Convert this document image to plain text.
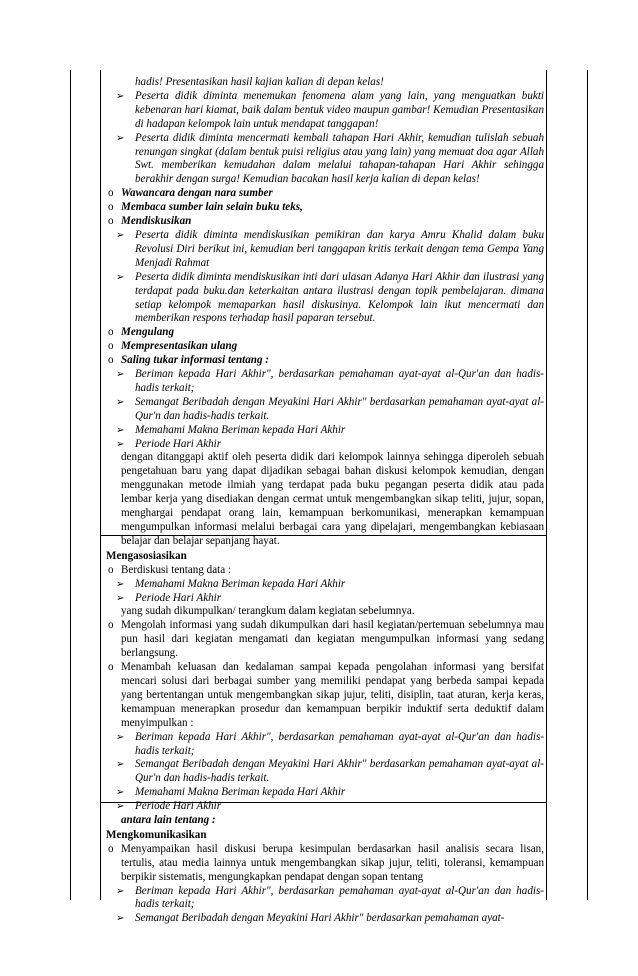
hadis! Presentasikan hasil kajian kalian di depan kelas!

➢ Peserta didik diminta menemukan fenomena alam yang lain, yang menguatkan bukti kebenaran hari kiamat, baik dalam bentuk video maupun gambar! Kemudian Presentasikan di hadapan kelompok lain untuk mendapat tanggapan!

➢ Peserta didik diminta mencermati kembali tahapan Hari Akhir, kemudian tulislah sebuah renungan singkat (dalam bentuk puisi religius atau yang lain) yang memuat doa agar Allah Swt. memberikan kemudahan dalam melalui tahapan-tahapan Hari Akhir sehingga berakhir dengan surga! Kemudian bacakan hasil kerja kalian di depan kelas!

o Wawancara dengan nara sumber

o Membaca sumber lain selain buku teks,

o Mendiskusikan

➢ Peserta didik diminta mendiskusikan pemikiran dan karya Amru Khalid dalam buku Revolusi Diri berikut ini, kemudian beri tanggapan kritis terkait dengan tema Gempa Yang Menjadi Rahmat

➢ Peserta didik diminta mendiskusikan inti dari ulasan Adanya Hari Akhir dan ilustrasi yang terdapat pada buku.dan keterkaitan antara ilustrasi dengan topik pembelajaran. dimana setiap kelompok memaparkan hasil diskusinya. Kelompok lain ikut mencermati dan memberikan respons terhadap hasil paparan tersebut.

o Mengulang

o Mempresentasikan ulang

o Saling tukar informasi tentang :

➢ Beriman kepada Hari Akhir", berdasarkan pemahaman ayat-ayat al-Qur'an dan hadis-hadis terkait;

➢ Semangat Beribadah dengan Meyakini Hari Akhir" berdasarkan pemahaman ayat-ayat al-Qur'n dan hadis-hadis terkait.

➢ Memahami Makna Beriman kepada Hari Akhir

➢ Periode Hari Akhir

dengan ditanggapi aktif oleh peserta didik dari kelompok lainnya sehingga diperoleh sebuah pengetahuan baru yang dapat dijadikan sebagai bahan diskusi kelompok kemudian, dengan menggunakan metode ilmiah yang terdapat pada buku pegangan peserta didik atau pada lembar kerja yang disediakan dengan cermat untuk mengembangkan sikap teliti, jujur, sopan, menghargai pendapat orang lain, kemampuan berkomunikasi, menerapkan kemampuan mengumpulkan informasi melalui berbagai cara yang dipelajari, mengembangkan kebiasaan belajar dan belajar sepanjang hayat.

Mengasosiasikan

o Berdiskusi tentang data :

➢ Memahami Makna Beriman kepada Hari Akhir

➢ Periode Hari Akhir

yang sudah dikumpulkan/ terangkum dalam kegiatan sebelumnya.

o Mengolah informasi yang sudah dikumpulkan dari hasil kegiatan/pertemuan sebelumnya mau pun hasil dari kegiatan mengamati dan kegiatan mengumpulkan informasi yang sedang berlangsung.

o Menambah keluasan dan kedalaman sampai kepada pengolahan informasi yang bersifat mencari solusi dari berbagai sumber yang memiliki pendapat yang berbeda sampai kepada yang bertentangan untuk mengembangkan sikap jujur, teliti, disiplin, taat aturan, kerja keras, kemampuan menerapkan prosedur dan kemampuan berpikir induktif serta deduktif dalam menyimpulkan :

➢ Beriman kepada Hari Akhir", berdasarkan pemahaman ayat-ayat al-Qur'an dan hadis-hadis terkait;

➢ Semangat Beribadah dengan Meyakini Hari Akhir" berdasarkan pemahaman ayat-ayat al-Qur'n dan hadis-hadis terkait.

➢ Memahami Makna Beriman kepada Hari Akhir

➢ Periode Hari Akhir

antara lain tentang :

Mengkomunikasikan

o Menyampaikan hasil diskusi berupa kesimpulan berdasarkan hasil analisis secara lisan, tertulis, atau media lainnya untuk mengembangkan sikap jujur, teliti, toleransi, kemampuan berpikir sistematis, mengungkapkan pendapat dengan sopan tentang

➢ Beriman kepada Hari Akhir", berdasarkan pemahaman ayat-ayat al-Qur'an dan hadis-hadis terkait;

➢ Semangat Beribadah dengan Meyakini Hari Akhir" berdasarkan pemahaman ayat-
